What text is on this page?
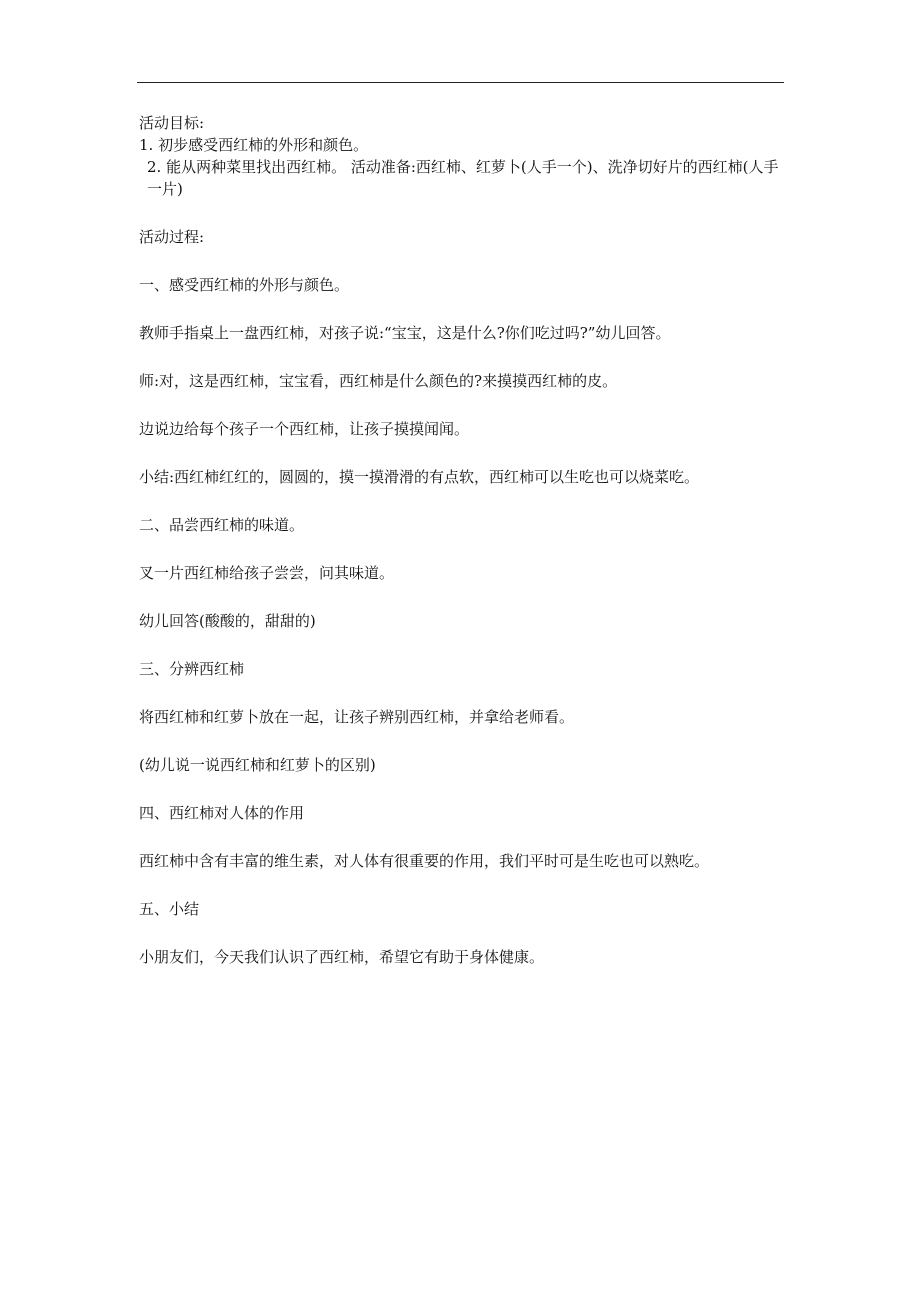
活动目标:

1. 初步感受西红柿的外形和颜色。

2. 能从两种菜里找出西红柿。 活动准备:西红柿、红萝卜(人手一个)、洗净切好片的西红柿(人手一片)

活动过程:

一、感受西红柿的外形与颜色。

教师手指桌上一盘西红柿，对孩子说:“宝宝，这是什么?你们吃过吗?”幼儿回答。

师:对，这是西红柿，宝宝看，西红柿是什么颜色的?来摸摸西红柿的皮。

边说边给每个孩子一个西红柿，让孩子摸摸闻闻。

小结:西红柿红红的，圆圆的，摸一摸滑滑的有点软，西红柿可以生吃也可以烧菜吃。

二、品尝西红柿的味道。

叉一片西红柿给孩子尝尝，问其味道。

幼儿回答(酸酸的，甜甜的)

三、分辨西红柿

将西红柿和红萝卜放在一起，让孩子辨别西红柿，并拿给老师看。

(幼儿说一说西红柿和红萝卜的区别)

四、西红柿对人体的作用

西红柿中含有丰富的维生素，对人体有很重要的作用，我们平时可是生吃也可以熟吃。

五、小结

小朋友们，今天我们认识了西红柿，希望它有助于身体健康。
